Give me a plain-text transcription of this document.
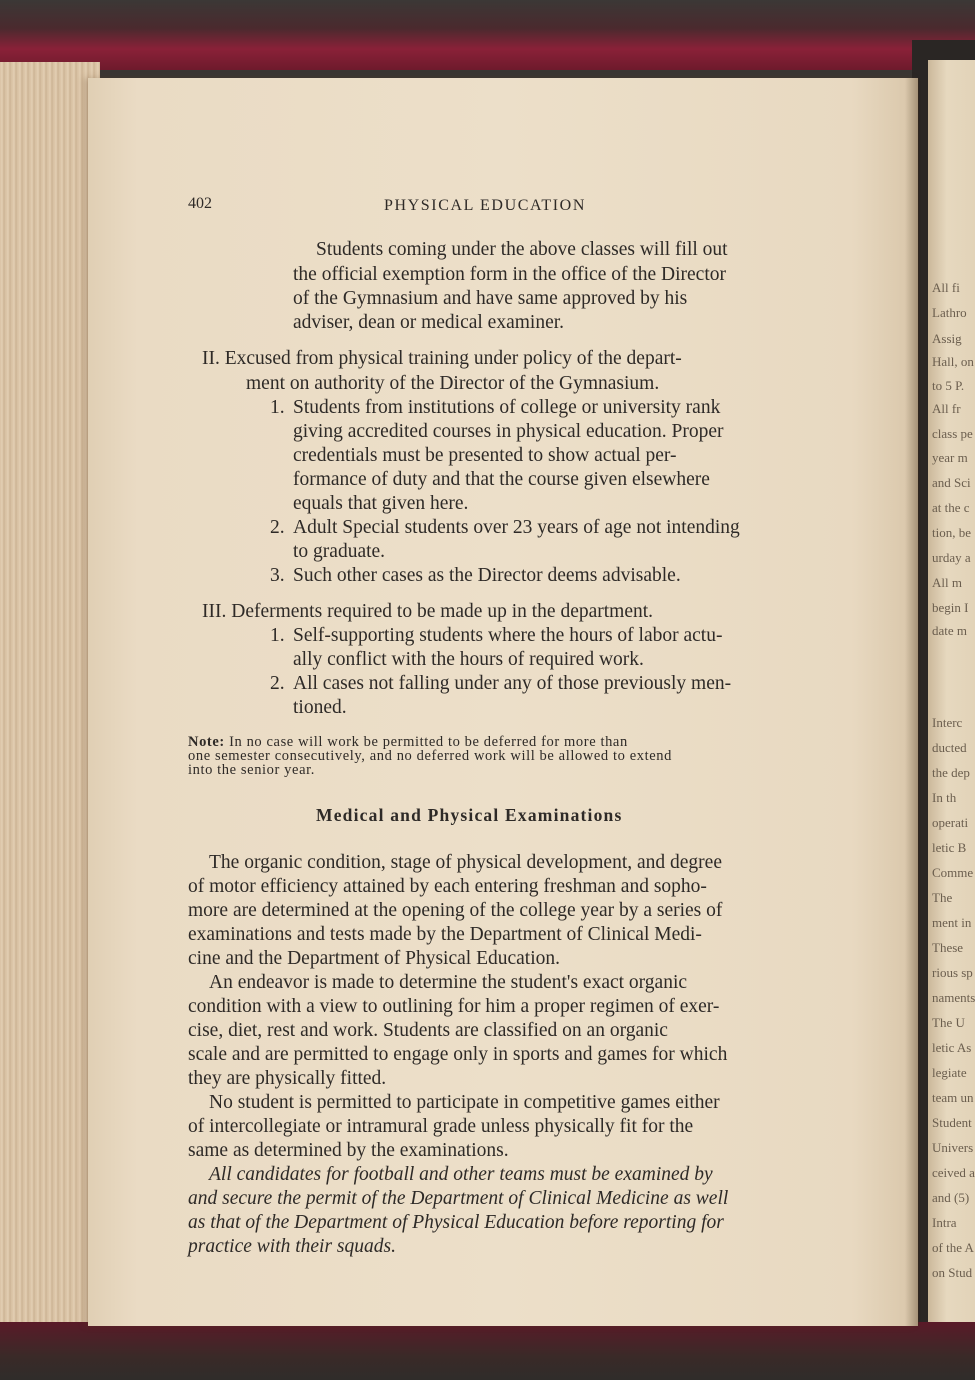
All fi
Lathro
Assig
Hall, on
to 5 P.
All fr
class pe
year m
and Sci
at the c
tion, be
urday a
All m
begin I
date m
Interc
ducted
the dep
In th
operati
letic B
Comme
The
ment in
These
rious sp
naments
The U
letic As
legiate
team un
Student
Univers
ceived a
and (5)
Intra
of the A
on Stud
402	PHYSICAL EDUCATION
Students coming under the above classes will fill out
the official exemption form in the office of the Director
of the Gymnasium and have same approved by his
adviser, dean or medical examiner.
II. Excused from physical training under policy of the depart-
ment on authority of the Director of the Gymnasium.
1. Students from institutions of college or university rank
giving accredited courses in physical education. Proper
credentials must be presented to show actual per-
formance of duty and that the course given elsewhere
equals that given here.
2. Adult Special students over 23 years of age not intending
to graduate.
3. Such other cases as the Director deems advisable.
III. Deferments required to be made up in the department.
1. Self-supporting students where the hours of labor actu-
ally conflict with the hours of required work.
2. All cases not falling under any of those previously men-
tioned.
Note: In no case will work be permitted to be deferred for more than
one semester consecutively, and no deferred work will be allowed to extend
into the senior year.
Medical and Physical Examinations
The organic condition, stage of physical development, and degree
of motor efficiency attained by each entering freshman and sopho-
more are determined at the opening of the college year by a series of
examinations and tests made by the Department of Clinical Medi-
cine and the Department of Physical Education.
An endeavor is made to determine the student's exact organic
condition with a view to outlining for him a proper regimen of exer-
cise, diet, rest and work. Students are classified on an organic
scale and are permitted to engage only in sports and games for which
they are physically fitted.
No student is permitted to participate in competitive games either
of intercollegiate or intramural grade unless physically fit for the
same as determined by the examinations.
All candidates for football and other teams must be examined by
and secure the permit of the Department of Clinical Medicine as well
as that of the Department of Physical Education before reporting for
practice with their squads.
